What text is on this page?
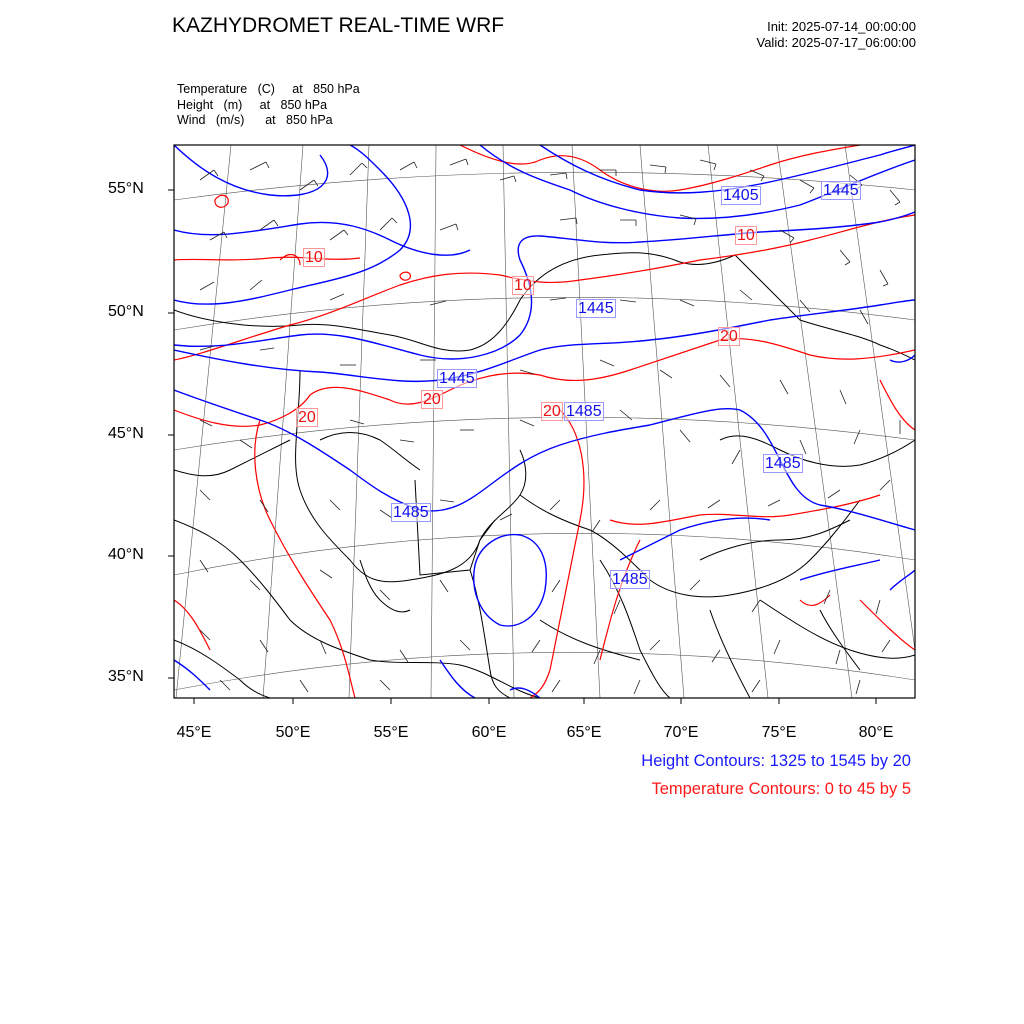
KAZHYDROMET REAL-TIME WRF	Init: 2025-07-14_00:00:00
Valid: 2025-07-17_06:00:00
Temperature   (C)     at   850 hPa
Height   (m)     at   850 hPa
Wind   (m/s)      at   850 hPa
1405	1445
1445
1445
1485
1485
1485
1485
10
10
10
20
20
20
20
55°N
50°N
45°N
40°N
35°N
45°E	50°E	55°E	60°E	65°E	70°E	75°E	80°E
Height Contours: 1325 to 1545 by 20
Temperature Contours: 0 to 45 by 5
